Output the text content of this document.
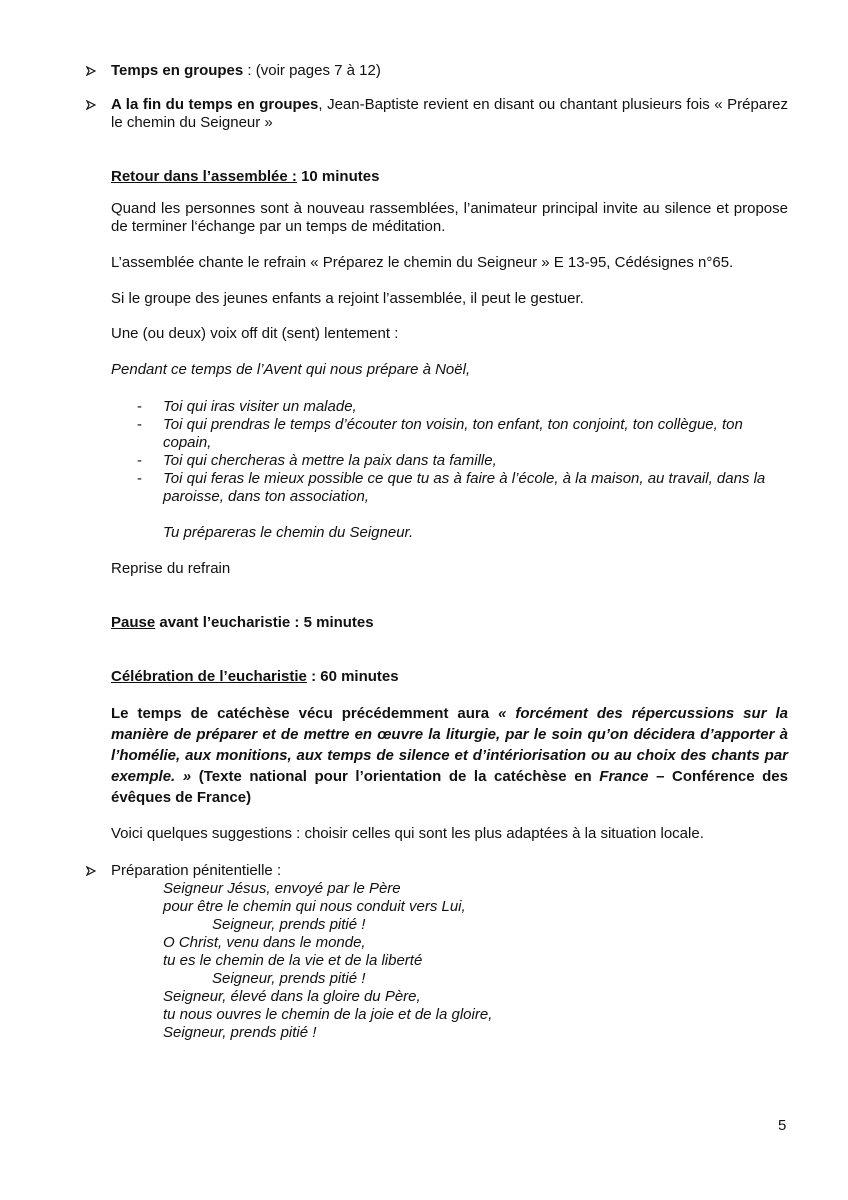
Temps en groupes : (voir pages 7 à 12)
A la fin du temps en groupes, Jean-Baptiste revient en disant ou chantant plusieurs fois « Préparez le chemin du Seigneur »
Retour dans l’assemblée : 10 minutes
Quand les personnes sont à nouveau rassemblées, l’animateur principal invite au silence et propose de terminer l‘échange par un temps de méditation.
L’assemblée chante le refrain « Préparez le chemin du Seigneur » E 13-95, Cédésignes n°65.
Si le groupe des jeunes enfants a rejoint l’assemblée, il peut le gestuer.
Une (ou deux) voix off dit (sent) lentement :
Pendant ce temps de l’Avent qui nous prépare à Noël,
- Toi qui iras visiter un malade,
- Toi qui prendras le temps d’écouter ton voisin, ton enfant, ton conjoint, ton collègue, ton copain,
- Toi qui chercheras à mettre la paix dans ta famille,
- Toi qui feras le mieux possible ce que tu as à faire à l’école, à la maison, au travail, dans la paroisse, dans ton association,
Tu prépareras le chemin du Seigneur.
Reprise du refrain
Pause avant l’eucharistie : 5 minutes
Célébration de l’eucharistie : 60 minutes
Le temps de catéchèse vécu précédemment aura « forcément des répercussions sur la manière de préparer et de mettre en œuvre la liturgie, par le soin qu’on décidera d’apporter à l’homélie, aux monitions, aux temps de silence et d’intériorisation ou au choix des chants par exemple. » (Texte national pour l’orientation de la catéchèse en France – Conférence des évêques de France)
Voici quelques suggestions : choisir celles qui sont les plus adaptées à la situation locale.
Préparation pénitentielle :
Seigneur Jésus, envoyé par le Père
pour être le chemin qui nous conduit vers Lui,
Seigneur, prends pitié !
O Christ, venu dans le monde,
tu es le chemin de la vie et de la liberté
Seigneur, prends pitié !
Seigneur, élevé dans la gloire du Père,
tu nous ouvres le chemin de la joie et de la gloire,
Seigneur, prends pitié !
5
